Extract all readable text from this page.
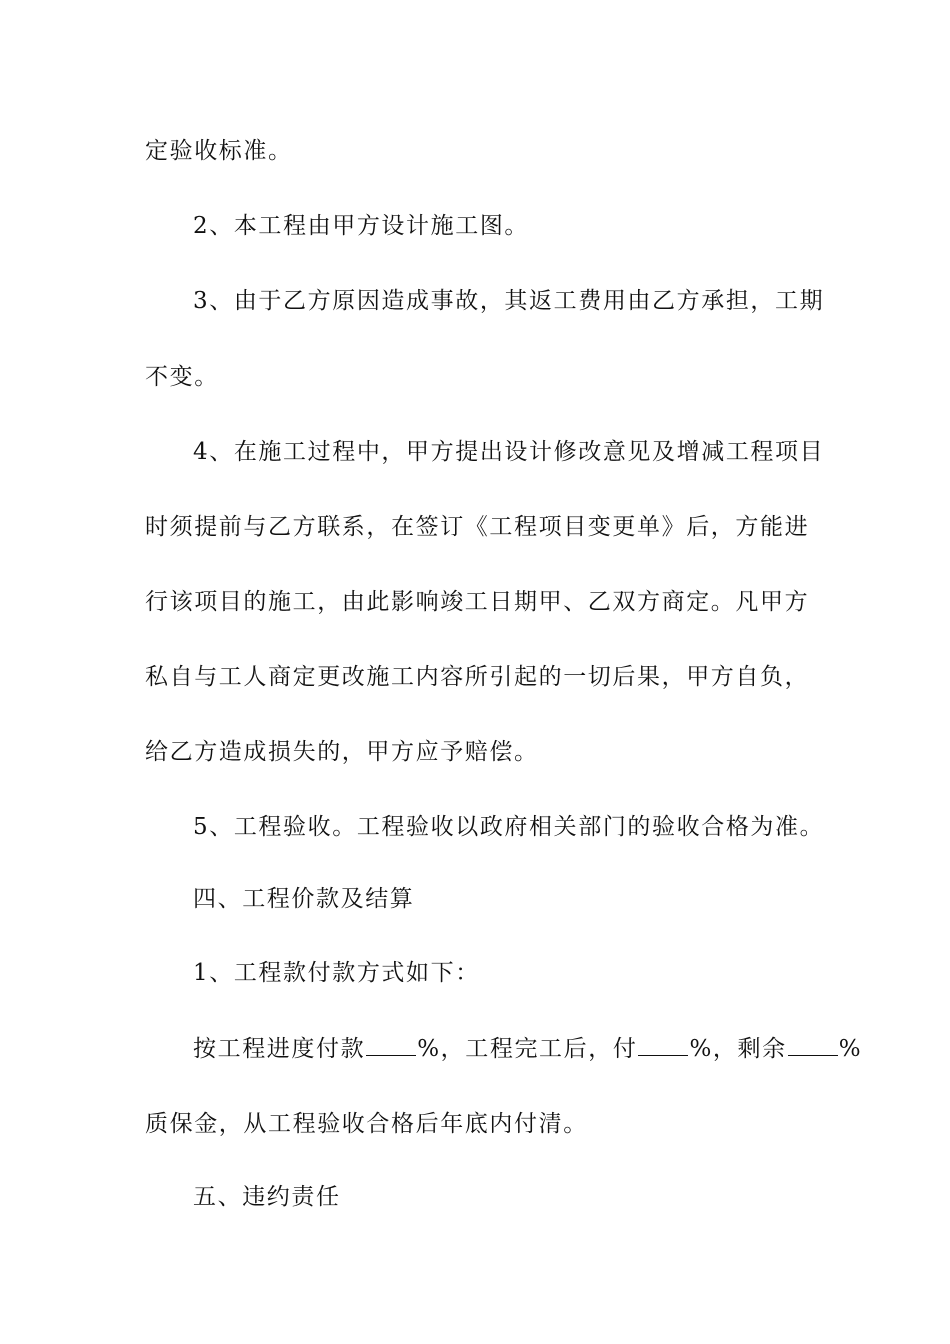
定验收标准。
2、本工程由甲方设计施工图。
3、由于乙方原因造成事故，其返工费用由乙方承担，工期
不变。
4、在施工过程中，甲方提出设计修改意见及增减工程项目
时须提前与乙方联系，在签订《工程项目变更单》后，方能进
行该项目的施工，由此影响竣工日期甲、乙双方商定。凡甲方
私自与工人商定更改施工内容所引起的一切后果，甲方自负，
给乙方造成损失的，甲方应予赔偿。
5、工程验收。工程验收以政府相关部门的验收合格为准。
四、工程价款及结算
1、工程款付款方式如下：
按工程进度付款 %，工程完工后，付 %，剩余 %
质保金，从工程验收合格后年底内付清。
五、违约责任
